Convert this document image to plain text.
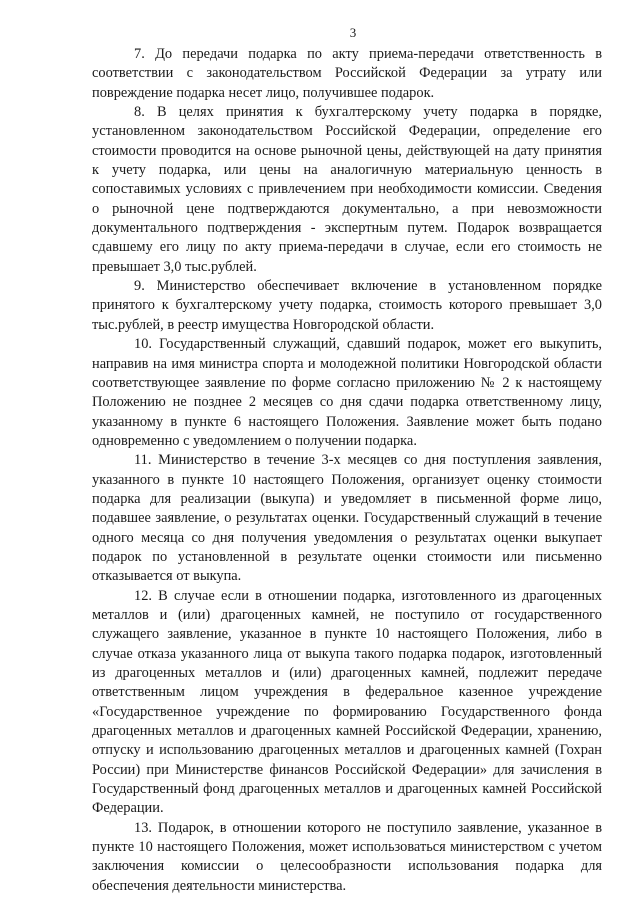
3

7. До передачи подарка по акту приема-передачи ответственность в соответствии с законодательством Российской Федерации за утрату или повреждение подарка несет лицо, получившее подарок.

8. В целях принятия к бухгалтерскому учету подарка в порядке, установленном законодательством Российской Федерации, определение его стоимости проводится на основе рыночной цены, действующей на дату принятия к учету подарка, или цены на аналогичную материальную ценность в сопоставимых условиях с привлечением при необходимости комиссии. Сведения о рыночной цене подтверждаются документально, а при невозможности документального подтверждения - экспертным путем. Подарок возвращается сдавшему его лицу по акту приема-передачи в случае, если его стоимость не превышает 3,0 тыс.рублей.

9. Министерство обеспечивает включение в установленном порядке принятого к бухгалтерскому учету подарка, стоимость которого превышает 3,0 тыс.рублей, в реестр имущества Новгородской области.

10. Государственный служащий, сдавший подарок, может его выкупить, направив на имя министра спорта и молодежной политики Новгородской области соответствующее заявление по форме согласно приложению № 2 к настоящему Положению не позднее 2 месяцев со дня сдачи подарка ответственному лицу, указанному в пункте 6 настоящего Положения. Заявление может быть подано одновременно с уведомлением о получении подарка.

11. Министерство в течение 3-х месяцев со дня поступления заявления, указанного в пункте 10 настоящего Положения, организует оценку стоимости подарка для реализации (выкупа) и уведомляет в письменной форме лицо, подавшее заявление, о результатах оценки. Государственный служащий в течение одного месяца со дня получения уведомления о результатах оценки выкупает подарок по установленной в результате оценки стоимости или письменно отказывается от выкупа.

12. В случае если в отношении подарка, изготовленного из драгоценных металлов и (или) драгоценных камней, не поступило от государственного служащего заявление, указанное в пункте 10 настоящего Положения, либо в случае отказа указанного лица от выкупа такого подарка подарок, изготовленный из драгоценных металлов и (или) драгоценных камней, подлежит передаче ответственным лицом учреждения в федеральное казенное учреждение «Государственное учреждение по формированию Государственного фонда драгоценных металлов и драгоценных камней Российской Федерации, хранению, отпуску и использованию драгоценных металлов и драгоценных камней (Гохран России) при Министерстве финансов Российской Федерации» для зачисления в Государственный фонд драгоценных металлов и драгоценных камней Российской Федерации.

13. Подарок, в отношении которого не поступило заявление, указанное в пункте 10 настоящего Положения, может использоваться министерством с учетом заключения комиссии о целесообразности использования подарка для обеспечения деятельности министерства.
